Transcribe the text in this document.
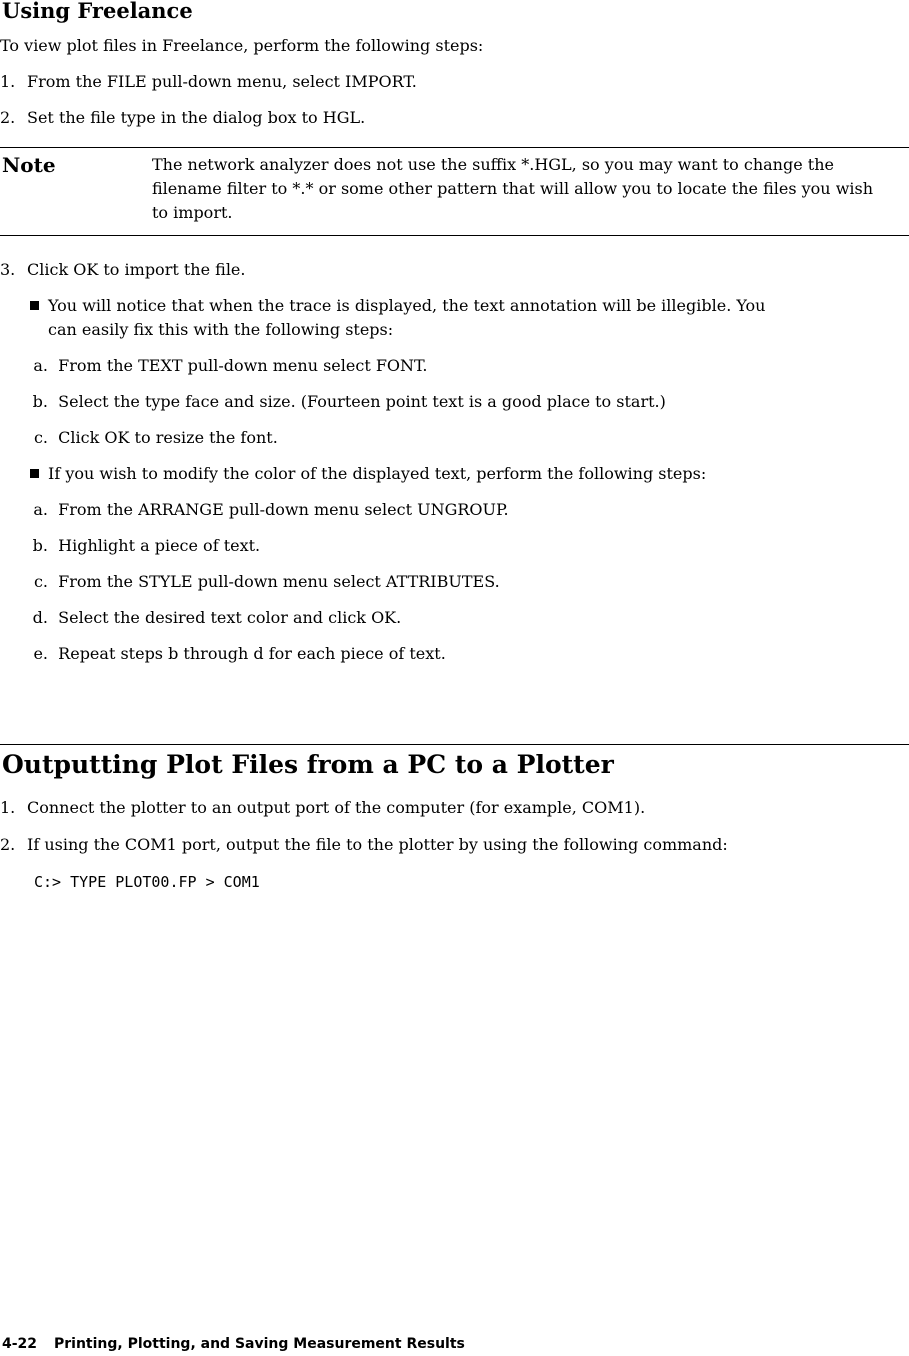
Using Freelance
To view plot files in Freelance, perform the following steps:
1. From the FILE pull-down menu, select IMPORT.
2. Set the file type in the dialog box to HGL.
Note	The network analyzer does not use the suffix *.HGL, so you may want to change the filename filter to *.* or some other pattern that will allow you to locate the files you wish to import.
3. Click OK to import the file.
You will notice that when the trace is displayed, the text annotation will be illegible. You
can easily fix this with the following steps:
a. From the TEXT pull-down menu select FONT.
b. Select the type face and size. (Fourteen point text is a good place to start.)
c. Click OK to resize the font.
If you wish to modify the color of the displayed text, perform the following steps:
a. From the ARRANGE pull-down menu select UNGROUP.
b. Highlight a piece of text.
c. From the STYLE pull-down menu select ATTRIBUTES.
d. Select the desired text color and click OK.
e. Repeat steps b through d for each piece of text.
Outputting Plot Files from a PC to a Plotter
1. Connect the plotter to an output port of the computer (for example, COM1).
2. If using the COM1 port, output the file to the plotter by using the following command:
C:> TYPE PLOT00.FP > COM1
4-22 Printing, Plotting, and Saving Measurement Results
